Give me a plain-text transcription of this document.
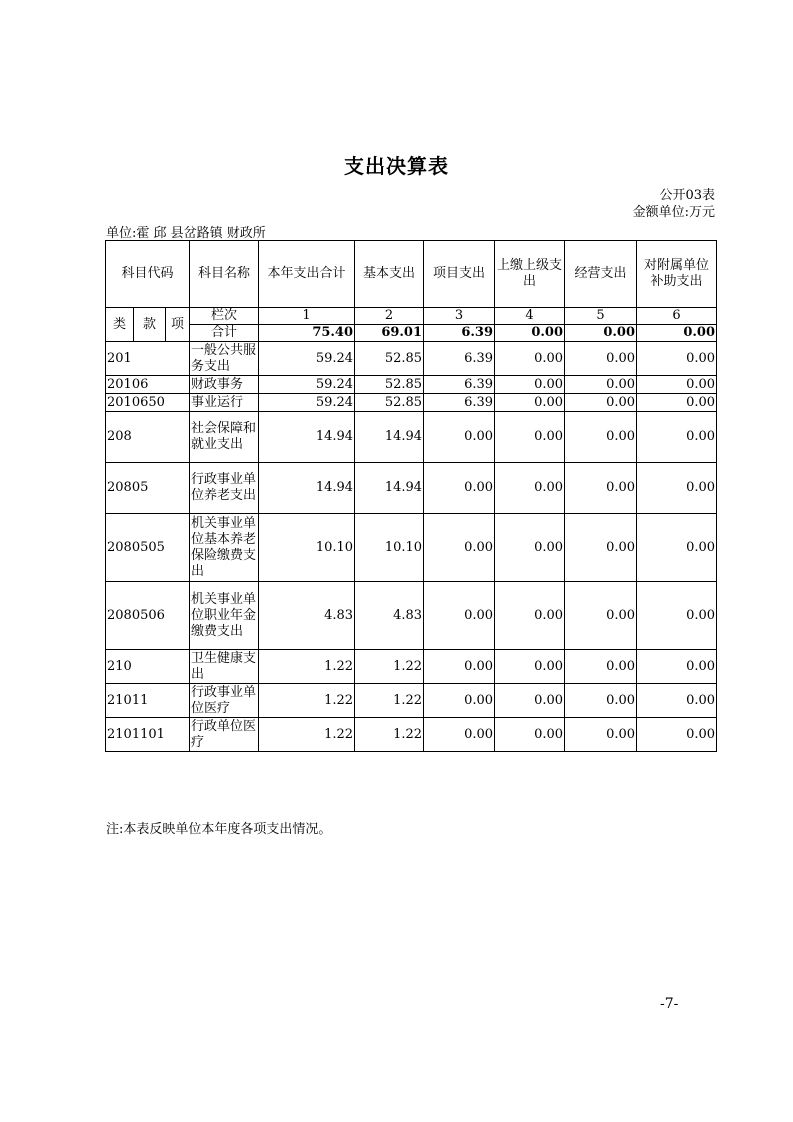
支出决算表
公开03表
金额单位:万元
单位:霍 邱 县岔路镇 财政所
科目代码			科目名称	本年支出合计	基本支出	项目支出	上缴上级支出	经营支出	对附属单位补助支出
类	款	项	栏次	1	2	3	4	5	6
			合计	75.40	69.01	6.39	0.00	0.00	0.00
201			一般公共服务支出	59.24	52.85	6.39	0.00	0.00	0.00
20106			财政事务	59.24	52.85	6.39	0.00	0.00	0.00
2010650			事业运行	59.24	52.85	6.39	0.00	0.00	0.00
208			社会保障和就业支出	14.94	14.94	0.00	0.00	0.00	0.00
20805			行政事业单位养老支出	14.94	14.94	0.00	0.00	0.00	0.00
2080505			机关事业单位基本养老保险缴费支出	10.10	10.10	0.00	0.00	0.00	0.00
2080506			机关事业单位职业年金缴费支出	4.83	4.83	0.00	0.00	0.00	0.00
210			卫生健康支出	1.22	1.22	0.00	0.00	0.00	0.00
21011			行政事业单位医疗	1.22	1.22	0.00	0.00	0.00	0.00
2101101			行政单位医疗	1.22	1.22	0.00	0.00	0.00	0.00
注:本表反映单位本年度各项支出情况。
-7-
